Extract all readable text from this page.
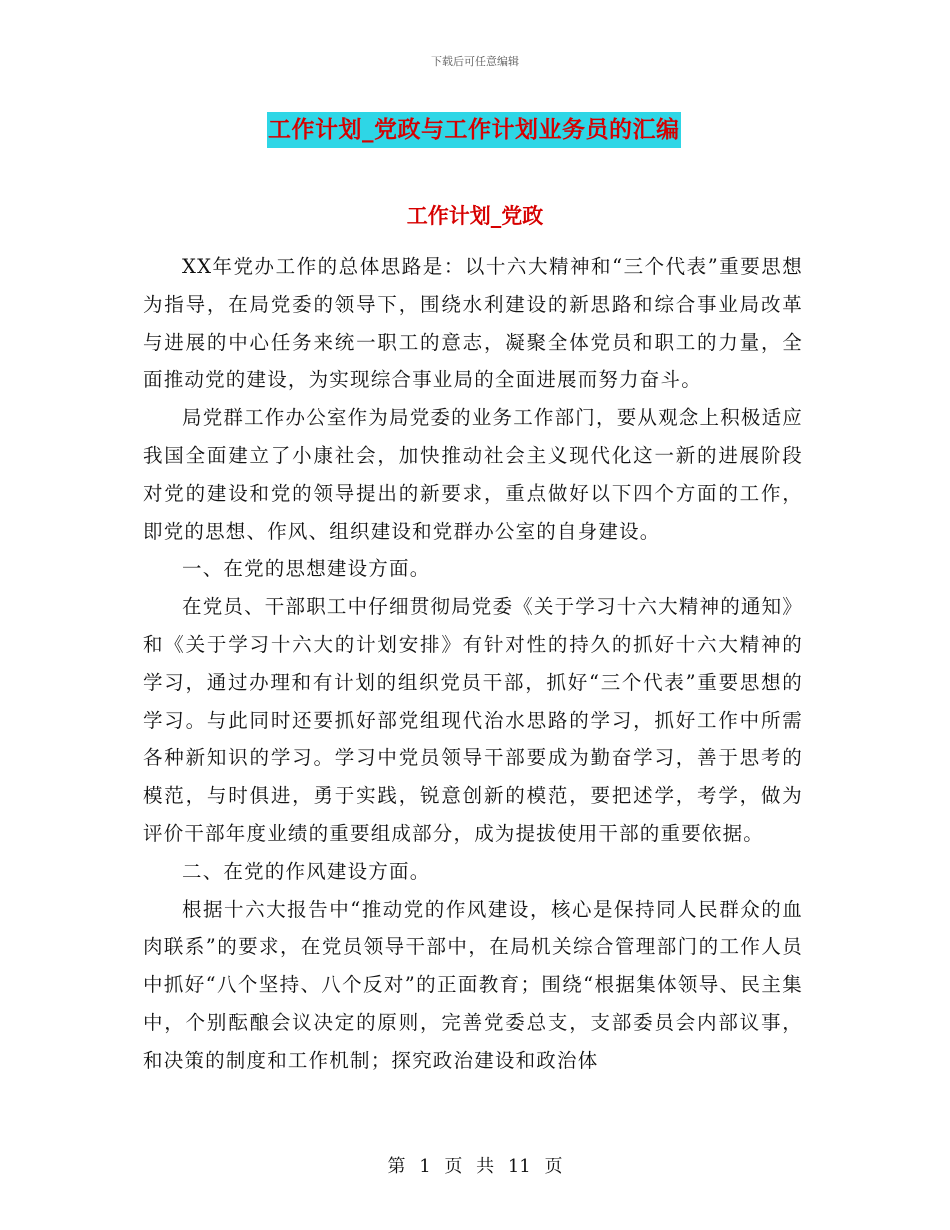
下载后可任意编辑

工作计划_党政与工作计划业务员的汇编
工作计划_党政

XX年党办工作的总体思路是：以十六大精神和“三个代表”重要思想为指导，在局党委的领导下，围绕水利建设的新思路和综合事业局改革与进展的中心任务来统一职工的意志，凝聚全体党员和职工的力量，全面推动党的建设，为实现综合事业局的全面进展而努力奋斗。

局党群工作办公室作为局党委的业务工作部门，要从观念上积极适应我国全面建立了小康社会，加快推动社会主义现代化这一新的进展阶段对党的建设和党的领导提出的新要求，重点做好以下四个方面的工作，即党的思想、作风、组织建设和党群办公室的自身建设。

一、在党的思想建设方面。

在党员、干部职工中仔细贯彻局党委《关于学习十六大精神的通知》和《关于学习十六大的计划安排》有针对性的持久的抓好十六大精神的学习，通过办理和有计划的组织党员干部，抓好“三个代表”重要思想的学习。与此同时还要抓好部党组现代治水思路的学习，抓好工作中所需各种新知识的学习。学习中党员领导干部要成为勤奋学习，善于思考的模范，与时俱进，勇于实践，锐意创新的模范，要把述学，考学，做为评价干部年度业绩的重要组成部分，成为提拔使用干部的重要依据。

二、在党的作风建设方面。

根据十六大报告中“推动党的作风建设，核心是保持同人民群众的血肉联系”的要求，在党员领导干部中，在局机关综合管理部门的工作人员中抓好“八个坚持、八个反对”的正面教育；围绕“根据集体领导、民主集中，个别酝酿会议决定的原则，完善党委总支，支部委员会内部议事，和决策的制度和工作机制；探究政治建设和政治体

第 1 页 共 11 页
